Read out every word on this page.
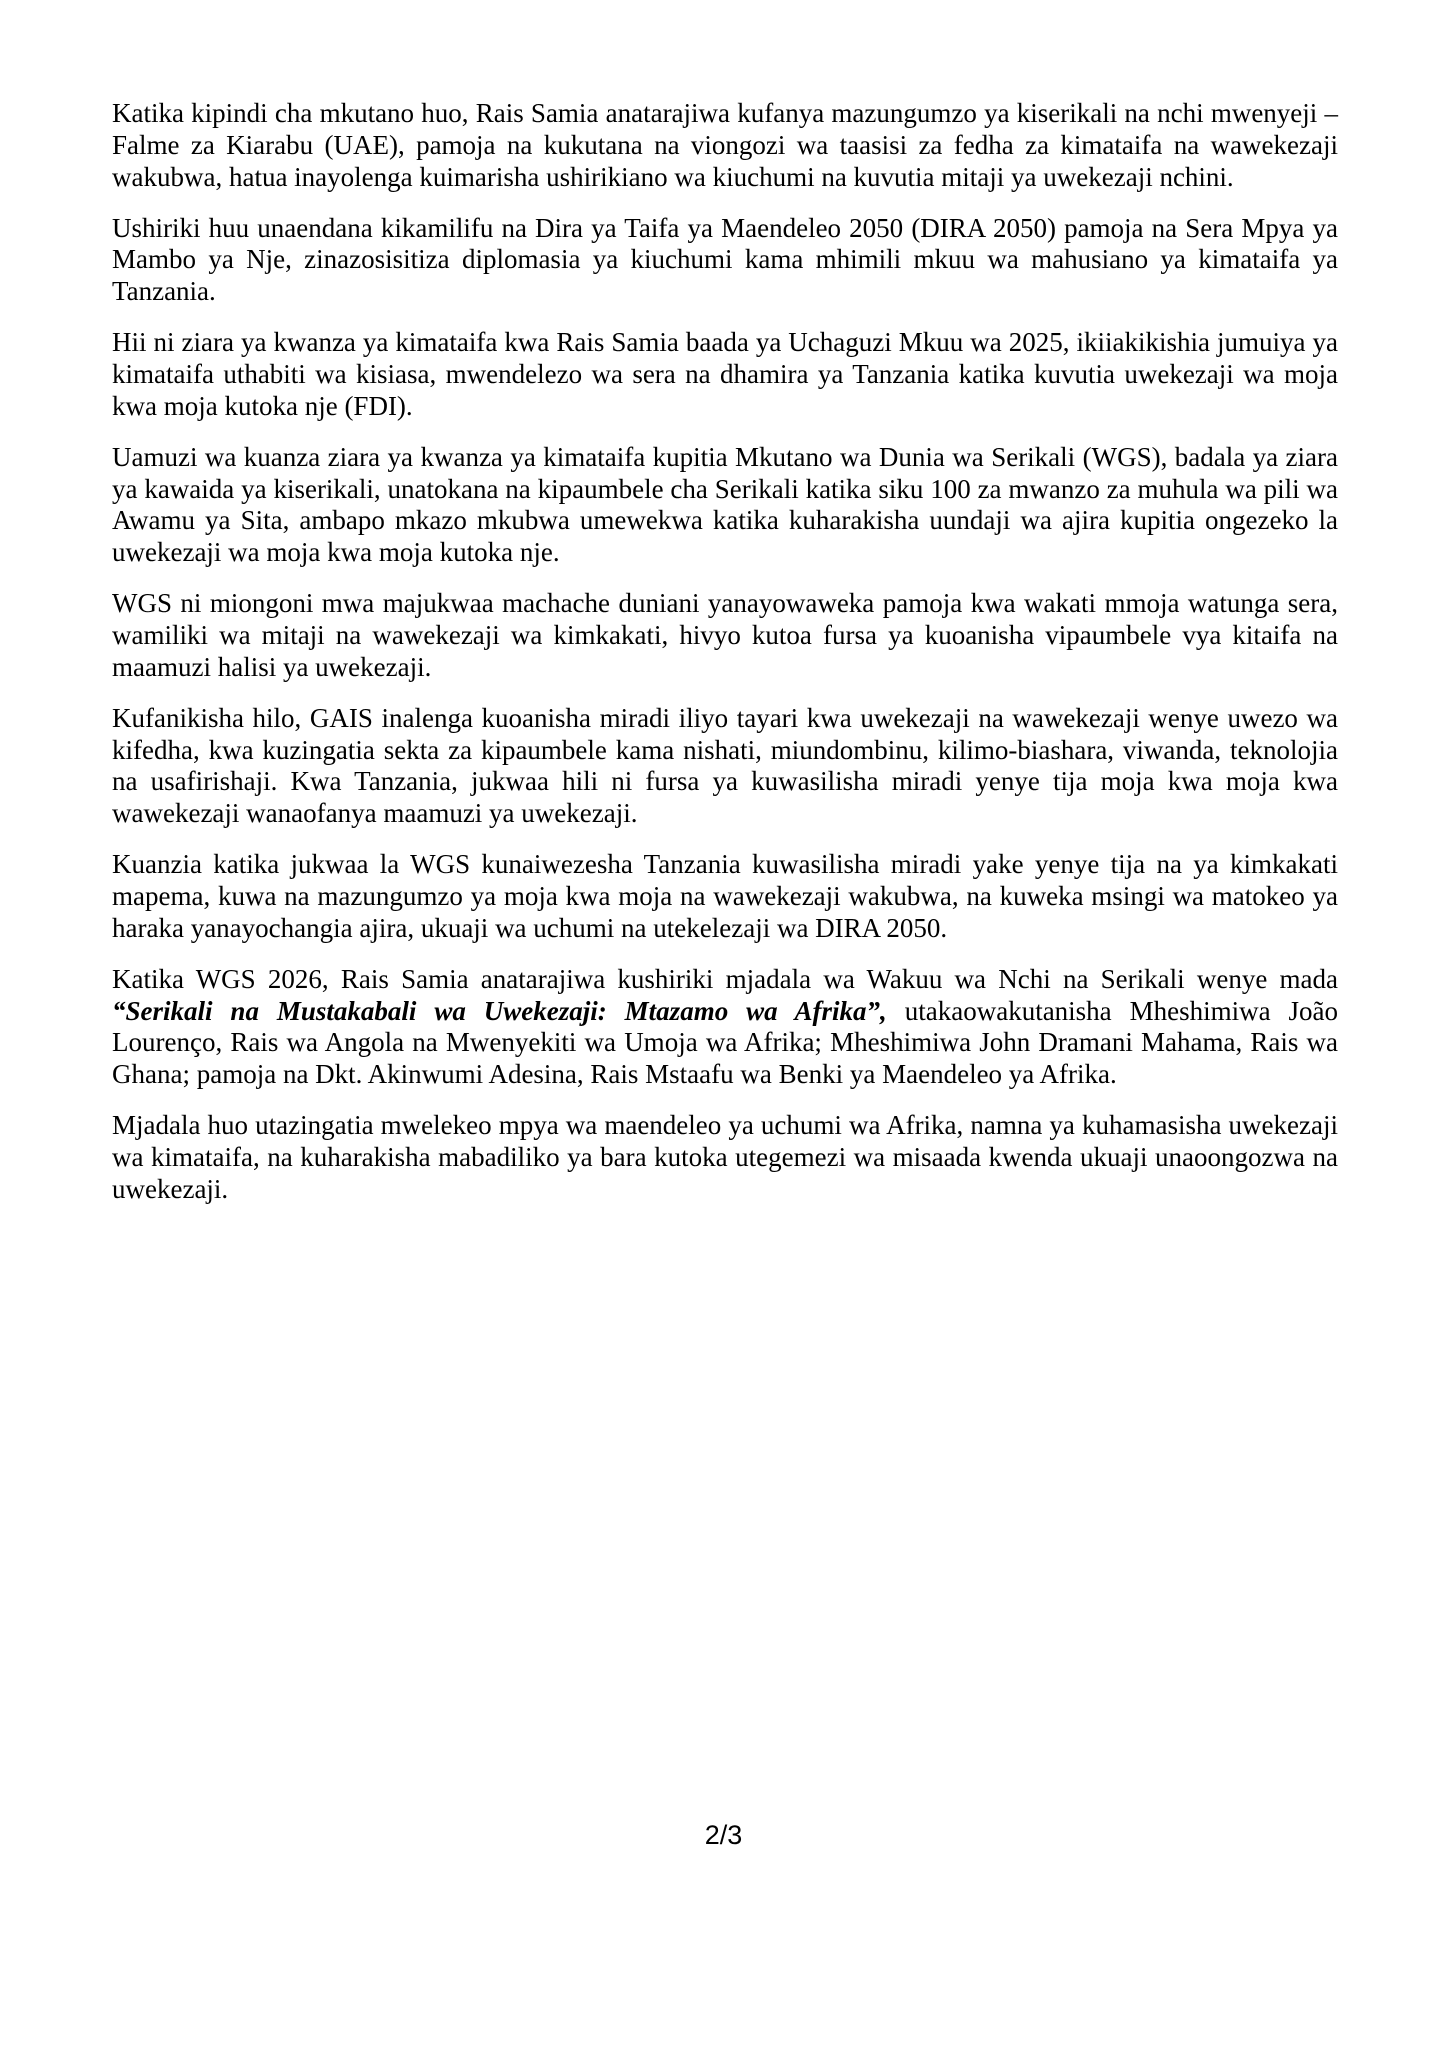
Katika kipindi cha mkutano huo, Rais Samia anatarajiwa kufanya mazungumzo ya kiserikali na nchi mwenyeji – Falme za Kiarabu (UAE), pamoja na kukutana na viongozi wa taasisi za fedha za kimataifa na wawekezaji wakubwa, hatua inayolenga kuimarisha ushirikiano wa kiuchumi na kuvutia mitaji ya uwekezaji nchini.

Ushiriki huu unaendana kikamilifu na Dira ya Taifa ya Maendeleo 2050 (DIRA 2050) pamoja na Sera Mpya ya Mambo ya Nje, zinazosisitiza diplomasia ya kiuchumi kama mhimili mkuu wa mahusiano ya kimataifa ya Tanzania.

Hii ni ziara ya kwanza ya kimataifa kwa Rais Samia baada ya Uchaguzi Mkuu wa 2025, ikiiakikishia jumuiya ya kimataifa uthabiti wa kisiasa, mwendelezo wa sera na dhamira ya Tanzania katika kuvutia uwekezaji wa moja kwa moja kutoka nje (FDI).

Uamuzi wa kuanza ziara ya kwanza ya kimataifa kupitia Mkutano wa Dunia wa Serikali (WGS), badala ya ziara ya kawaida ya kiserikali, unatokana na kipaumbele cha Serikali katika siku 100 za mwanzo za muhula wa pili wa Awamu ya Sita, ambapo mkazo mkubwa umewekwa katika kuharakisha uundaji wa ajira kupitia ongezeko la uwekezaji wa moja kwa moja kutoka nje.

WGS ni miongoni mwa majukwaa machache duniani yanayowaweka pamoja kwa wakati mmoja watunga sera, wamiliki wa mitaji na wawekezaji wa kimkakati, hivyo kutoa fursa ya kuoanisha vipaumbele vya kitaifa na maamuzi halisi ya uwekezaji.

Kufanikisha hilo, GAIS inalenga kuoanisha miradi iliyo tayari kwa uwekezaji na wawekezaji wenye uwezo wa kifedha, kwa kuzingatia sekta za kipaumbele kama nishati, miundombinu, kilimo-biashara, viwanda, teknolojia na usafirishaji. Kwa Tanzania, jukwaa hili ni fursa ya kuwasilisha miradi yenye tija moja kwa moja kwa wawekezaji wanaofanya maamuzi ya uwekezaji.

Kuanzia katika jukwaa la WGS kunaiwezesha Tanzania kuwasilisha miradi yake yenye tija na ya kimkakati mapema, kuwa na mazungumzo ya moja kwa moja na wawekezaji wakubwa, na kuweka msingi wa matokeo ya haraka yanayochangia ajira, ukuaji wa uchumi na utekelezaji wa DIRA 2050.

Katika WGS 2026, Rais Samia anatarajiwa kushiriki mjadala wa Wakuu wa Nchi na Serikali wenye mada “Serikali na Mustakabali wa Uwekezaji: Mtazamo wa Afrika”, utakaowakutanisha Mheshimiwa João Lourenço, Rais wa Angola na Mwenyekiti wa Umoja wa Afrika; Mheshimiwa John Dramani Mahama, Rais wa Ghana; pamoja na Dkt. Akinwumi Adesina, Rais Mstaafu wa Benki ya Maendeleo ya Afrika.

Mjadala huo utazingatia mwelekeo mpya wa maendeleo ya uchumi wa Afrika, namna ya kuhamasisha uwekezaji wa kimataifa, na kuharakisha mabadiliko ya bara kutoka utegemezi wa misaada kwenda ukuaji unaoongozwa na uwekezaji.

2/3
